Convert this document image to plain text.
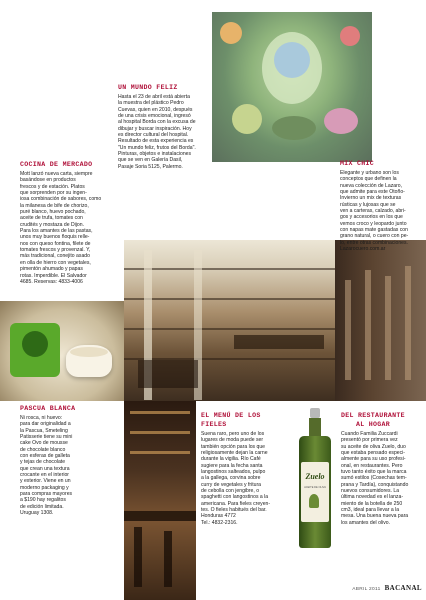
UN MUNDO FELIZ
Hasta el 23 de abril está abierta
la muestra del plástico Pedro
Cuevas, quien en 2010, después
de una crisis emocional, ingresó
al hospital Borda con la excusa de
dibujar y buscar inspiración. Hoy
es director cultural del hospital.
Resultado de esta experiencia es
"Un mundo feliz, frutos del Borda".
Pinturas, objetos e instalaciones
que se ven en Galería Dasil,
Pasaje Soria 5125, Palermo.
COCINA DE MERCADO
Mott lanzó nueva carta, siempre
basándose en productos
frescos y de estación. Platos
que sorprenden por su ingen-
iosa combinación de sabores, como
la milanesa de bife de chorizo,
puré blanco, huevo pochado,
aceite de trufa, tomates con
crudités y mostaza de Dijon.
Para los amantes de las pastas,
unos muy buenos ñoquis relle-
nos con queso fontina, filete de
tomates frescos y provenzal. Y,
más tradicional, conejito asado
en olla de hierro con vegetales,
pimentón ahumado y papas
rotas. Imperdible. El Salvador
4685. Reservas: 4833-4006
MIX CHIC
Elegante y urbano son los
conceptos que definen la
nueva colección de Lazaro,
que admite para este Otoño-
Invierno un mix de texturas
rústicas y lujosas que se
ven a carteras, calzado, abri-
gos y accesorios en los que
vemos croco y leopardo junto
con napas mate gastadas con
grano natural, o cuero con pe-
lo, entre otras combinaciones.
Lazarocuero.com.ar
PASCUA BLANCA
Ni rosca, ni huevo:
para dar originalidad a
la Pascua, Smeteling
Patisserie tiene su mini
cake Ovo de mousse
de chocolate blanco
con esferas de galleta
y tejas de chocolate
que crean una textura
crocante en el interior
y exterior. Viene en un
moderno packaging y
para compras mayores
a $190 hay regalitos
de edición limitada.
Uruguay 1308.
EL MENÚ DE LOS
FIELES
Suena raro, pero uno de los
lugares de moda puede ser
también opción para los que
religiosamente dejan la carne
durante la vigilia. Río Café
sugiere para la fecha santa
langostinos salteados, pulpo
a la gallega, corvina sobre
curry de vegetales y fritura
de cebolla con jengibre, o
spaghetti con langostinos a la
americana. Para fieles creyen-
tes. O fieles habitués del bar.
Honduras 4772
Tel.: 4832-2316.
Zuelo
ACEITE DE OLIVA
DEL RESTAURANTE
AL HOGAR
Cuando Familia Zuccardi
presentó por primera vez
su aceite de oliva Zuelo, duo
que estaba pensado especi-
almente para su uso profesi-
onal, en restaurantes. Pero
tuvo tanto éxito que la marca
sumó estilos (Cosechas tem-
prana y Tardía), conquistando
nuevos consumidores. La
última novedad es el lanza-
miento de la botella de 250
cm3, ideal para llevar a la
mesa. Una buena nueva para
los amantes del olivo.
ABRIL 2011 BACANAL
